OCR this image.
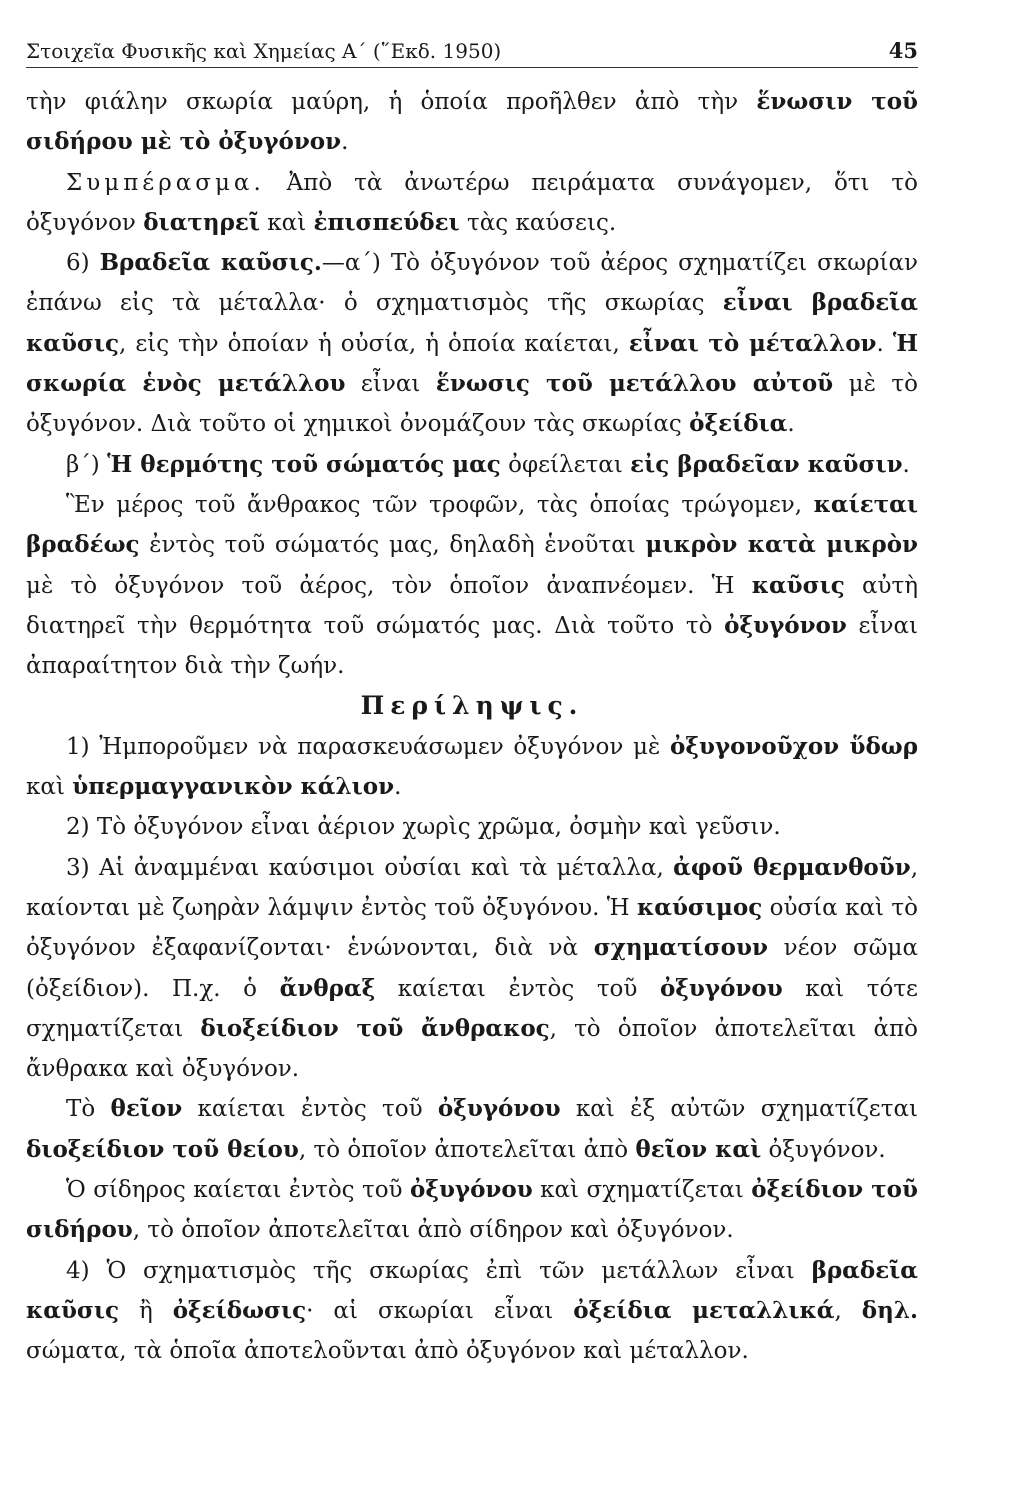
Στοιχεῖα Φυσικῆς καὶ Χημείας Α΄ (῞Εκδ. 1950)	45

τὴν φιάλην σκωρία μαύρη, ἡ ὁποία προῆλθεν ἀπὸ τὴν ἕνωσιν τοῦ σιδήρου μὲ τὸ ὀξυγόνον.

Συμπέρασμα. Ἀπὸ τὰ ἀνωτέρω πειράματα συνάγομεν, ὅτι τὸ ὀξυγόνον διατηρεῖ καὶ ἐπισπεύδει τὰς καύσεις.

6) Βραδεῖα καῦσις.—α΄) Τὸ ὀξυγόνον τοῦ ἀέρος σχηματίζει σκωρίαν ἐπάνω εἰς τὰ μέταλλα· ὁ σχηματισμὸς τῆς σκωρίας εἶναι βραδεῖα καῦσις, εἰς τὴν ὁποίαν ἡ οὐσία, ἡ ὁποία καίεται, εἶναι τὸ μέταλλον. Ἡ σκωρία ἑνὸς μετάλλου εἶναι ἕνωσις τοῦ μετάλλου αὐτοῦ μὲ τὸ ὀξυγόνον. Διὰ τοῦτο οἱ χημικοὶ ὀνομάζουν τὰς σκωρίας ὀξείδια.

β΄) Ἡ θερμότης τοῦ σώματός μας ὀφείλεται εἰς βραδεῖαν καῦσιν.

Ἓν μέρος τοῦ ἄνθρακος τῶν τροφῶν, τὰς ὁποίας τρώγομεν, καίεται βραδέως ἐντὸς τοῦ σώματός μας, δηλαδὴ ἑνοῦται μικρὸν κατὰ μικρὸν μὲ τὸ ὀξυγόνον τοῦ ἀέρος, τὸν ὁποῖον ἀναπνέομεν. Ἡ καῦσις αὐτὴ διατηρεῖ τὴν θερμότητα τοῦ σώματός μας. Διὰ τοῦτο τὸ ὀξυγόνον εἶναι ἀπαραίτητον διὰ τὴν ζωήν.

Περίληψις.

1) Ἠμποροῦμεν νὰ παρασκευάσωμεν ὀξυγόνον μὲ ὀξυγονοῦχον ὕδωρ καὶ ὑπερμαγγανικὸν κάλιον.

2) Τὸ ὀξυγόνον εἶναι ἀέριον χωρὶς χρῶμα, ὀσμὴν καὶ γεῦσιν.

3) Αἱ ἀναμμέναι καύσιμοι οὐσίαι καὶ τὰ μέταλλα, ἀφοῦ θερμανθοῦν, καίονται μὲ ζωηρὰν λάμψιν ἐντὸς τοῦ ὀξυγόνου. Ἡ καύσιμος οὐσία καὶ τὸ ὀξυγόνον ἐξαφανίζονται· ἑνώνονται, διὰ νὰ σχηματίσουν νέον σῶμα (ὀξείδιον). Π.χ. ὁ ἄνθραξ καίεται ἐντὸς τοῦ ὀξυγόνου καὶ τότε σχηματίζεται διοξείδιον τοῦ ἄνθρακος, τὸ ὁποῖον ἀποτελεῖται ἀπὸ ἄνθρακα καὶ ὀξυγόνον.

Τὸ θεῖον καίεται ἐντὸς τοῦ ὀξυγόνου καὶ ἐξ αὐτῶν σχηματίζεται διοξείδιον τοῦ θείου, τὸ ὁποῖον ἀποτελεῖται ἀπὸ θεῖον καὶ ὀξυγόνον.

Ὁ σίδηρος καίεται ἐντὸς τοῦ ὀξυγόνου καὶ σχηματίζεται ὀξείδιον τοῦ σιδήρου, τὸ ὁποῖον ἀποτελεῖται ἀπὸ σίδηρον καὶ ὀξυγόνον.

4) Ὁ σχηματισμὸς τῆς σκωρίας ἐπὶ τῶν μετάλλων εἶναι βραδεῖα καῦσις ἢ ὀξείδωσις· αἱ σκωρίαι εἶναι ὀξείδια μεταλλικά, δηλ. σώματα, τὰ ὁποῖα ἀποτελοῦνται ἀπὸ ὀξυγόνον καὶ μέταλλον.
